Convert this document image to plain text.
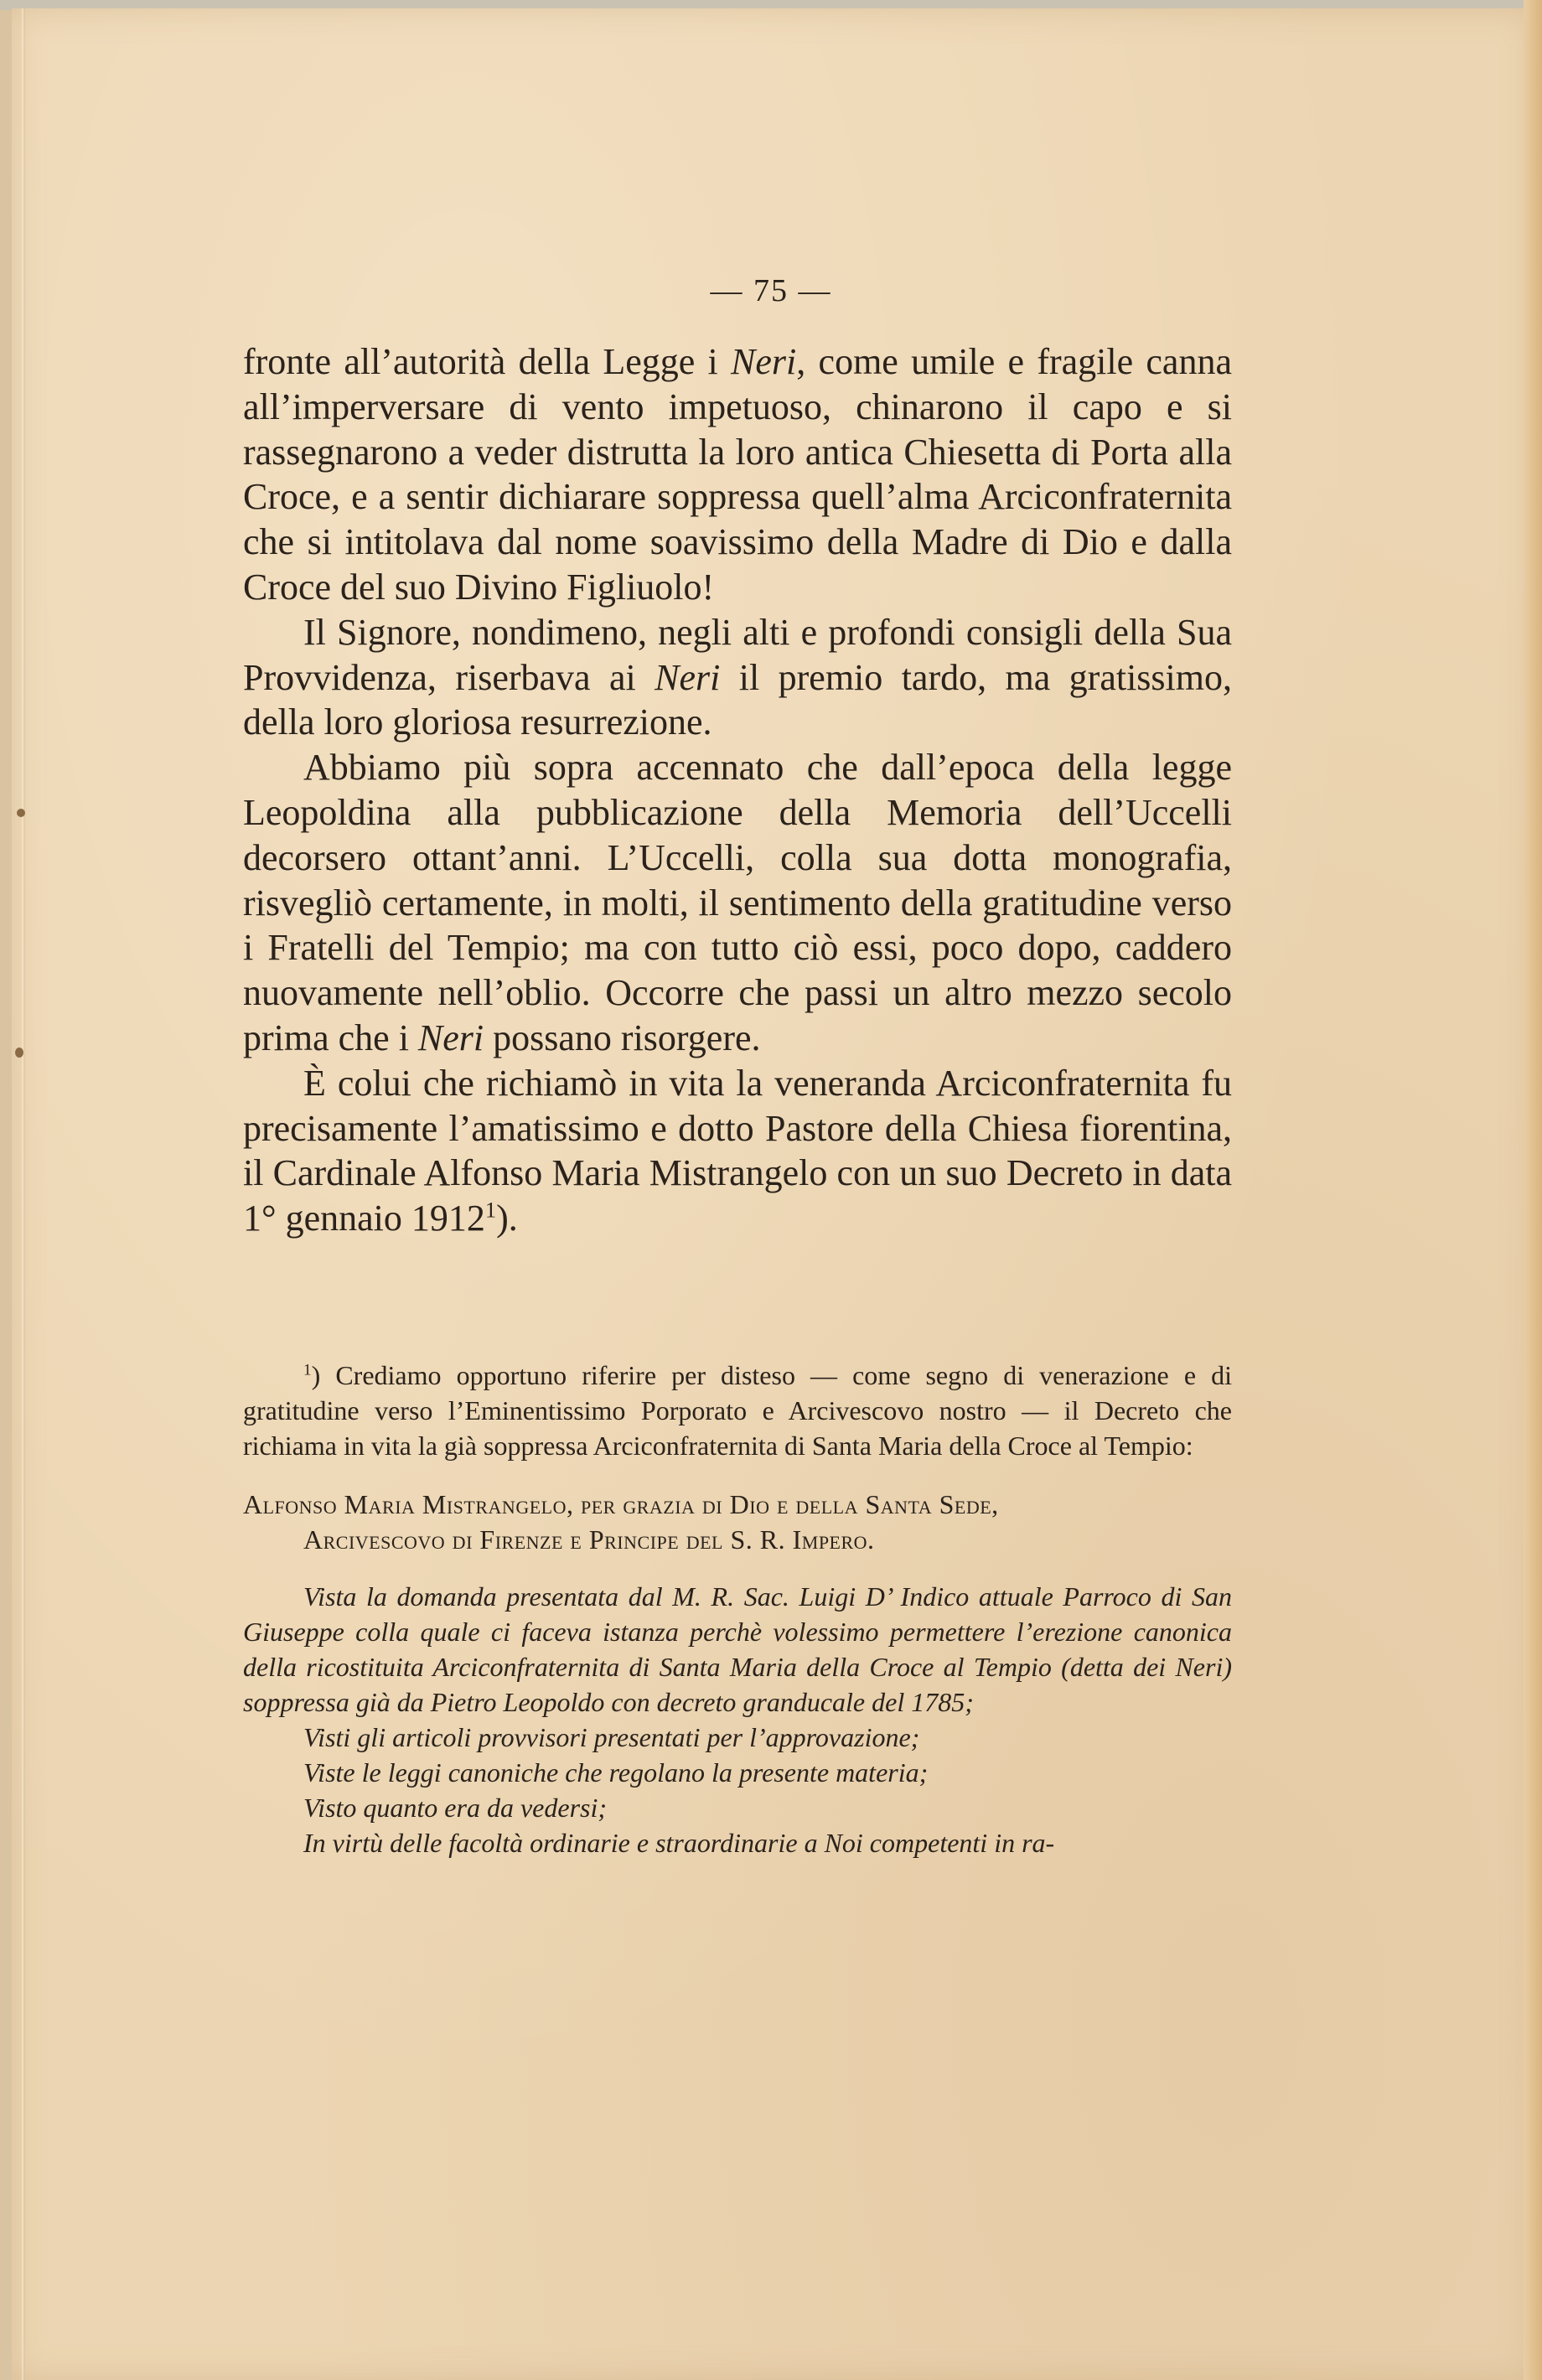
— 75 —

fronte all’autorità della Legge i Neri, come umile e fragile canna all’imperversare di vento impetuoso, chinarono il capo e si rassegnarono a veder distrutta la loro antica Chiesetta di Porta alla Croce, e a sentir dichiarare soppressa quell’alma Arciconfraternita che si intitolava dal nome soavissimo della Madre di Dio e dalla Croce del suo Divino Figliuolo!

Il Signore, nondimeno, negli alti e profondi consigli della Sua Provvidenza, riserbava ai Neri il premio tardo, ma gratissimo, della loro gloriosa resurrezione.

Abbiamo più sopra accennato che dall’epoca della legge Leopoldina alla pubblicazione della Memoria dell’Uccelli decorsero ottant’anni. L’Uccelli, colla sua dotta monografia, risvegliò certamente, in molti, il sentimento della gratitudine verso i Fratelli del Tempio; ma con tutto ciò essi, poco dopo, caddero nuovamente nell’oblio. Occorre che passi un altro mezzo secolo prima che i Neri possano risorgere.

È colui che richiamò in vita la veneranda Arciconfraternita fu precisamente l’amatissimo e dotto Pastore della Chiesa fiorentina, il Cardinale Alfonso Maria Mistrangelo con un suo Decreto in data 1° gennaio 1912$^1$).

$^1$) Crediamo opportuno riferire per disteso — come segno di venerazione e di gratitudine verso l’Eminentissimo Porporato e Arcivescovo nostro — il Decreto che richiama in vita la già soppressa Arciconfraternita di Santa Maria della Croce al Tempio:

Alfonso Maria Mistrangelo, per grazia di Dio e della Santa Sede,
Arcivescovo di Firenze e Principe del S. R. Impero.

Vista la domanda presentata dal M. R. Sac. Luigi D’ Indico attuale Parroco di San Giuseppe colla quale ci faceva istanza perchè volessimo permettere l’erezione canonica della ricostituita Arciconfraternita di Santa Maria della Croce al Tempio (detta dei Neri) soppressa già da Pietro Leopoldo con decreto granducale del 1785;

Visti gli articoli provvisori presentati per l’approvazione;

Viste le leggi canoniche che regolano la presente materia;

Visto quanto era da vedersi;

In virtù delle facoltà ordinarie e straordinarie a Noi competenti in ra-
